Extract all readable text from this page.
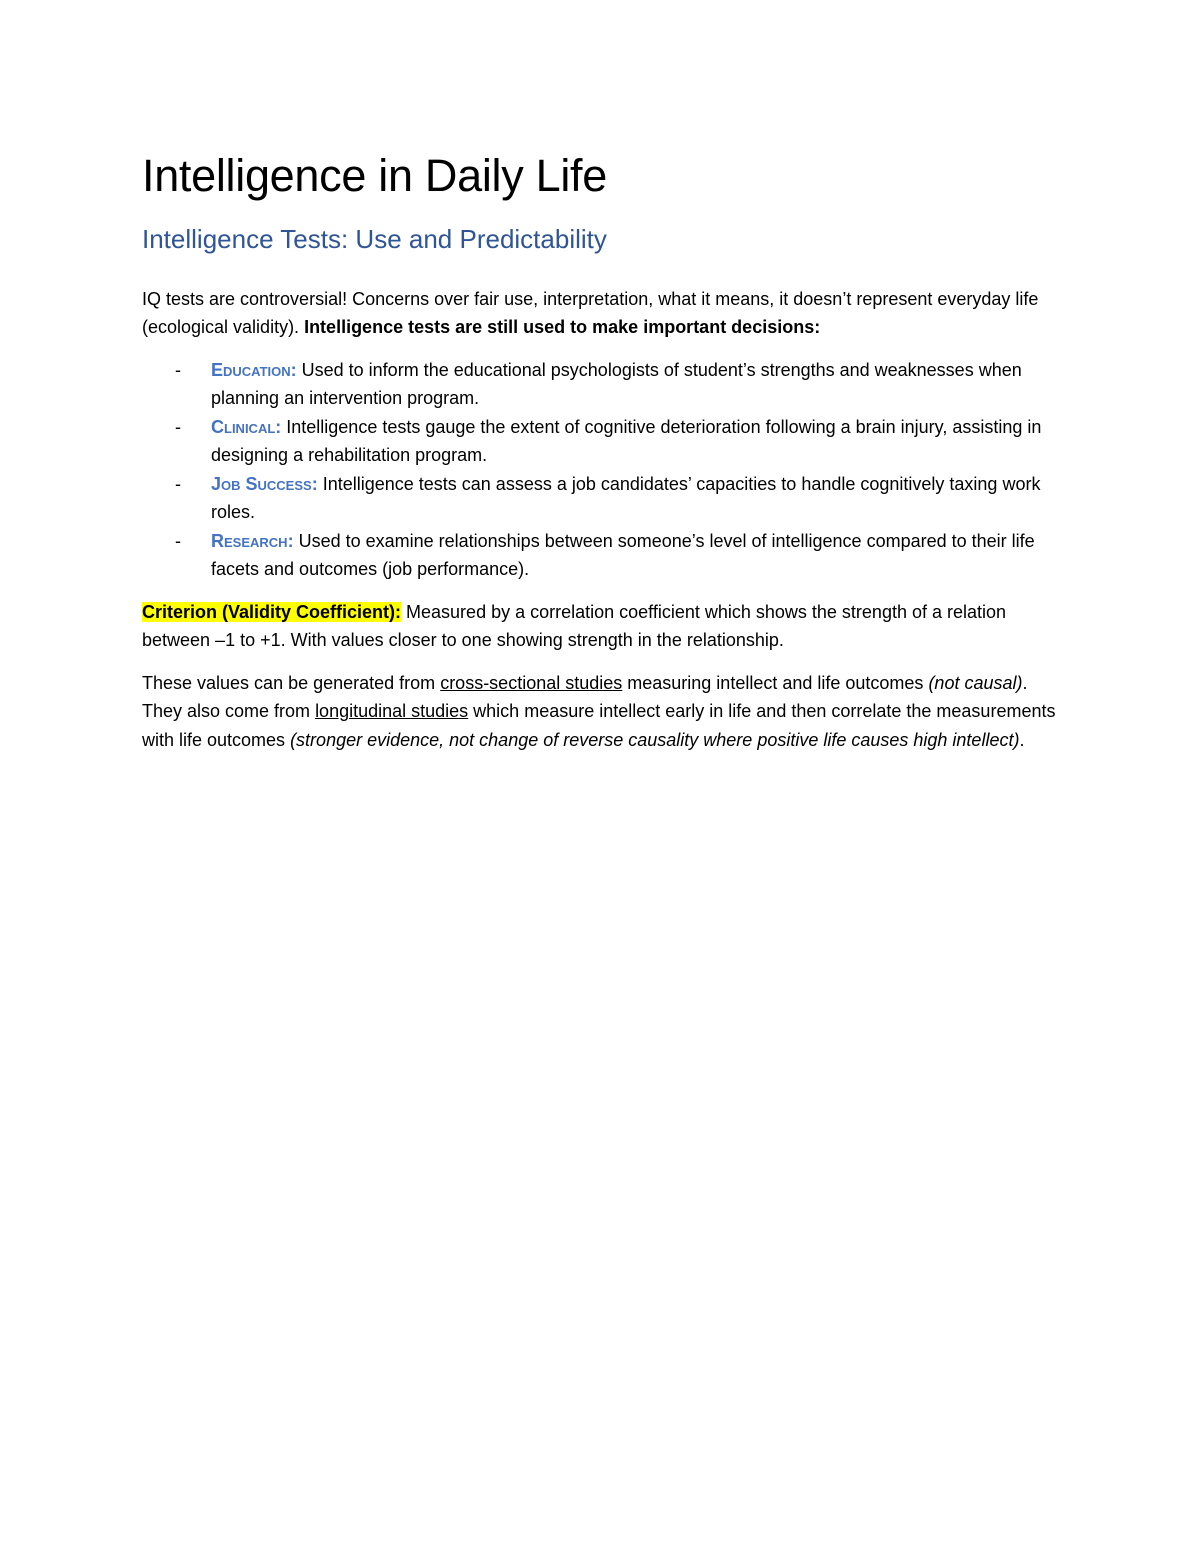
Intelligence in Daily Life
Intelligence Tests: Use and Predictability

IQ tests are controversial! Concerns over fair use, interpretation, what it means, it doesn’t represent everyday life (ecological validity). Intelligence tests are still used to make important decisions:

- Education: Used to inform the educational psychologists of student’s strengths and weaknesses when planning an intervention program.
- Clinical: Intelligence tests gauge the extent of cognitive deterioration following a brain injury, assisting in designing a rehabilitation program.
- Job Success: Intelligence tests can assess a job candidates’ capacities to handle cognitively taxing work roles.
- Research: Used to examine relationships between someone’s level of intelligence compared to their life facets and outcomes (job performance).

Criterion (Validity Coefficient): Measured by a correlation coefficient which shows the strength of a relation between –1 to +1. With values closer to one showing strength in the relationship.

These values can be generated from cross-sectional studies measuring intellect and life outcomes (not causal). They also come from longitudinal studies which measure intellect early in life and then correlate the measurements with life outcomes (stronger evidence, not change of reverse causality where positive life causes high intellect).
